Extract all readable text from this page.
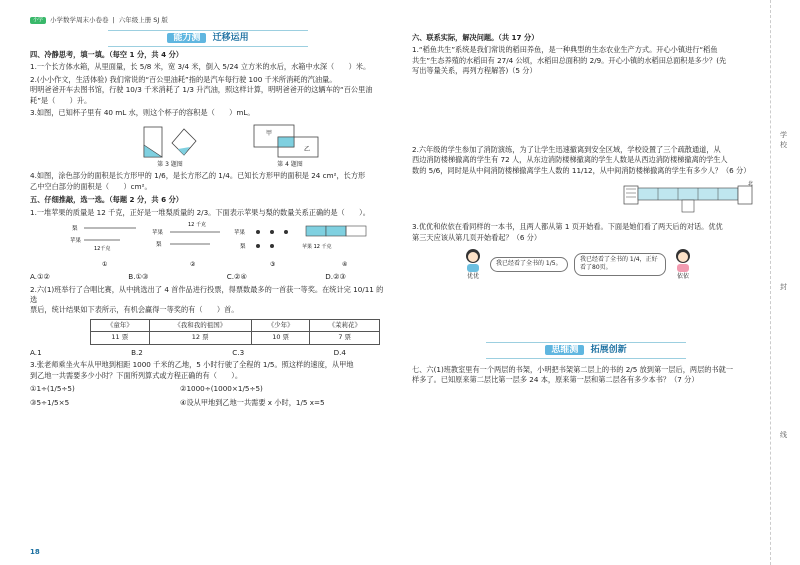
小学	小学数学周末小卷卷 | 六年级上册 SJ 版
能力测 迁移运用
四、冷静思考，填一填。（每空 1 分，共 4 分）
1.一个长方体水箱，从里面量，长 5/8 米，宽 3/4 米，倒入 5/24 立方米的水后，水箱中水深（　　）米。
2.(小小作文，生活体验) 我们常说的“百公里油耗”指的是汽车每行驶 100 千米所消耗的汽油量。
明明爸爸开车去图书馆，行驶 10/3 千米消耗了 1/3 升汽油，照这样计算，明明爸爸开的这辆车的“百公里油
耗”是（　　）升。
3.如图，已知杯子里有 40 mL 水，则这个杯子的容积是（　　）mL。
第 3 题图
甲
乙
第 4 题图
4.如图，涂色部分的面积是长方形甲的 1/6，是长方形乙的 1/4。已知长方形甲的面积是 24 cm²，长方形
乙中空白部分的面积是（　　）cm²。
五、仔细推敲，选一选。（每题 2 分，共 6 分）
1.一堆苹果的质量是 12 千克，正好是一堆梨质量的 2/3。下面表示苹果与梨的数量关系正确的是（　　）。
梨
苹果
12千克
①
苹果
梨
12 千克
②
苹果
梨
③
苹果 12 千克
④
A.①②	B.①③	C.②④	D.②③
2.六(1)班举行了合唱比赛，从中挑选出了 4 首作品进行投票，得票数最多的一首获一等奖。在统计完 10/11 的选
票后，统计结果如下表所示，有机会赢得一等奖的有（　　）首。
《童年》	《我和我的祖国》	《少年》	《茉莉花》
11 票	12 票	10 票	7 票
A.1	B.2	C.3	D.4
3.张老师乘坐火车从甲地到相距 1000 千米的乙地，5 小时行驶了全程的 1/5。照这样的速度，从甲地
到乙地一共需要多少小时？下面所列算式或方程正确的有（　　）。
①1÷(1/5÷5)	②1000÷(1000×1/5÷5)
③5÷1/5×5	④设从甲地到乙地一共需要 x 小时，1/5 x=5
18
六、联系实际，解决问题。（共 17 分）
1.“稻鱼共生”系统是我们常说的稻田养鱼，是一种典型的生态农业生产方式。开心小镇进行“稻鱼
共生”生态养殖的水稻田有 27/4 公顷，水稻田总面积的 2/9。开心小镇的水稻田总面积是多少？(先
写出等量关系，再列方程解答)（5 分）
2.六年级的学生参加了消防演练，为了让学生迅速撤离到安全区域，学校设置了三个疏散通道，从
西边消防楼梯撤离的学生有 72 人，从东边消防楼梯撤离的学生人数是从西边消防楼梯撤离的学生人
数的 5/6，同时是从中间消防楼梯撤离学生人数的 11/12，从中间消防楼梯撤离的学生有多少人？（6 分）
北
3.优优和依依在看同样的一本书，且两人都从第 1 页开始看。下面是她们看了两天后的对话。优优
第三天应该从第几页开始看起？（6 分）
优优
我已经看了全书的 1/5。
我已经看了全书的 1/4，正好看了80页。
依依
思维测 拓展创新
七、六(1)班教室里有一个两层的书架，小明把书架第二层上的书的 2/5 放到第一层后，两层的书就一
样多了。已知原来第二层比第一层多 24 本，原来第一层和第二层各有多少本书？（7 分）
学
校
封
线
